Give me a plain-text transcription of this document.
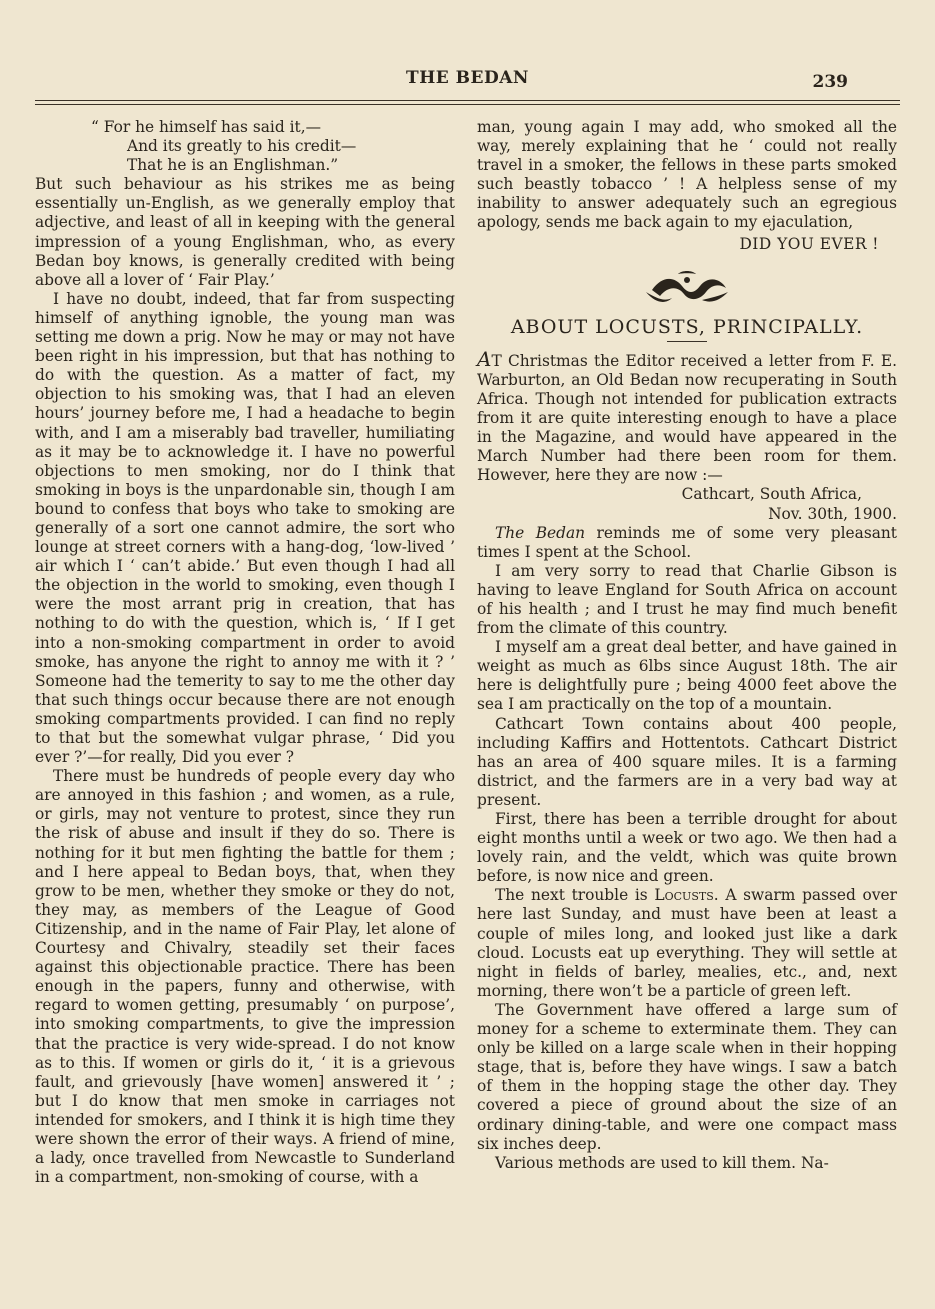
THE BEDAN	239
“ For he himself has said it,—
And its greatly to his credit—
That he is an Englishman.”

But such behaviour as his strikes me as being essentially un-English, as we generally employ that adjective, and least of all in keeping with the general impression of a young Englishman, who, as every Bedan boy knows, is generally credited with being above all a lover of ‘ Fair Play.’

I have no doubt, indeed, that far from suspecting himself of anything ignoble, the young man was setting me down a prig. Now he may or may not have been right in his impression, but that has nothing to do with the question. As a matter of fact, my objection to his smoking was, that I had an eleven hours’ journey before me, I had a headache to begin with, and I am a miserably bad traveller, humiliating as it may be to acknowledge it. I have no powerful objections to men smoking, nor do I think that smoking in boys is the unpardonable sin, though I am bound to confess that boys who take to smoking are generally of a sort one cannot admire, the sort who lounge at street corners with a hang-dog, ‘low-lived ’ air which I ‘ can’t abide.’ But even though I had all the objection in the world to smoking, even though I were the most arrant prig in creation, that has nothing to do with the question, which is, ‘ If I get into a non-smoking compartment in order to avoid smoke, has anyone the right to annoy me with it ? ’ Someone had the temerity to say to me the other day that such things occur because there are not enough smoking compartments provided. I can find no reply to that but the somewhat vulgar phrase, ‘ Did you ever ?’—for really, Did you ever ?

There must be hundreds of people every day who are annoyed in this fashion ; and women, as a rule, or girls, may not venture to protest, since they run the risk of abuse and insult if they do so. There is nothing for it but men fighting the battle for them ; and I here appeal to Bedan boys, that, when they grow to be men, whether they smoke or they do not, they may, as members of the League of Good Citizenship, and in the name of Fair Play, let alone of Courtesy and Chivalry, steadily set their faces against this objectionable practice. There has been enough in the papers, funny and otherwise, with regard to women getting, presumably ‘ on purpose’, into smoking compartments, to give the impression that the practice is very wide-spread. I do not know as to this. If women or girls do it, ‘ it is a grievous fault, and grievously [have women] answered it ’ ; but I do know that men smoke in carriages not intended for smokers, and I think it is high time they were shown the error of their ways. A friend of mine, a lady, once travelled from Newcastle to Sunderland in a compartment, non-smoking of course, with a

man, young again I may add, who smoked all the way, merely explaining that he ‘ could not really travel in a smoker, the fellows in these parts smoked such beastly tobacco ’ ! A helpless sense of my inability to answer adequately such an egregious apology, sends me back again to my ejaculation,

DID YOU EVER !
ABOUT LOCUSTS, PRINCIPALLY.

AT Christmas the Editor received a letter from F. E. Warburton, an Old Bedan now recuperating in South Africa. Though not intended for publication extracts from it are quite interesting enough to have a place in the Magazine, and would have appeared in the March Number had there been room for them. However, here they are now :—

Cathcart, South Africa,
Nov. 30th, 1900.

The Bedan reminds me of some very pleasant times I spent at the School.

I am very sorry to read that Charlie Gibson is having to leave England for South Africa on account of his health ; and I trust he may find much benefit from the climate of this country.

I myself am a great deal better, and have gained in weight as much as 6lbs since August 18th. The air here is delightfully pure ; being 4000 feet above the sea I am practically on the top of a mountain.

Cathcart Town contains about 400 people, including Kaffirs and Hottentots. Cathcart District has an area of 400 square miles. It is a farming district, and the farmers are in a very bad way at present.

First, there has been a terrible drought for about eight months until a week or two ago. We then had a lovely rain, and the veldt, which was quite brown before, is now nice and green.

The next trouble is Locusts. A swarm passed over here last Sunday, and must have been at least a couple of miles long, and looked just like a dark cloud. Locusts eat up everything. They will settle at night in fields of barley, mealies, etc., and, next morning, there won’t be a particle of green left.

The Government have offered a large sum of money for a scheme to exterminate them. They can only be killed on a large scale when in their hopping stage, that is, before they have wings. I saw a batch of them in the hopping stage the other day. They covered a piece of ground about the size of an ordinary dining-table, and were one compact mass six inches deep.

Various methods are used to kill them. Na-
